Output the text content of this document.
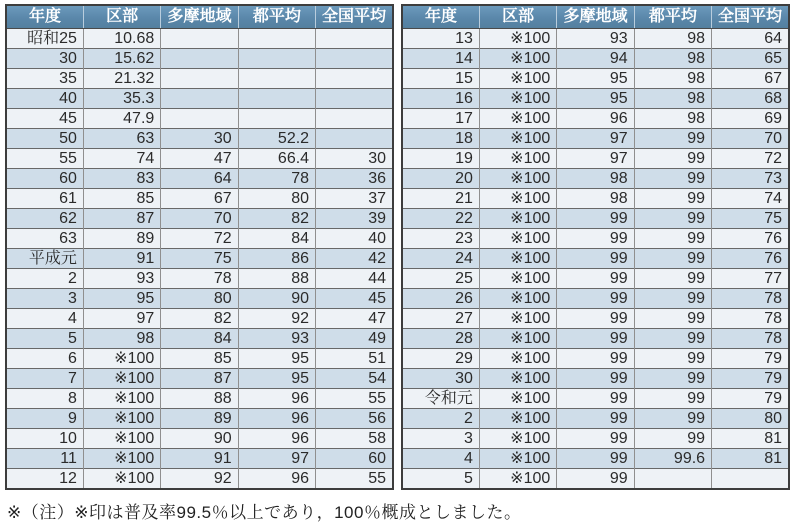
年度	区部	多摩地域	都平均	全国平均
昭和25	10.68			
30	15.62			
35	21.32			
40	35.3			
45	47.9			
50	63	30	52.2	
55	74	47	66.4	30
60	83	64	78	36
61	85	67	80	37
62	87	70	82	39
63	89	72	84	40
平成元	91	75	86	42
2	93	78	88	44
3	95	80	90	45
4	97	82	92	47
5	98	84	93	49
6	※100	85	95	51
7	※100	87	95	54
8	※100	88	96	55
9	※100	89	96	56
10	※100	90	96	58
11	※100	91	97	60
12	※100	92	96	55
年度	区部	多摩地域	都平均	全国平均
13	※100	93	98	64
14	※100	94	98	65
15	※100	95	98	67
16	※100	95	98	68
17	※100	96	98	69
18	※100	97	99	70
19	※100	97	99	72
20	※100	98	99	73
21	※100	98	99	74
22	※100	99	99	75
23	※100	99	99	76
24	※100	99	99	76
25	※100	99	99	77
26	※100	99	99	78
27	※100	99	99	78
28	※100	99	99	78
29	※100	99	99	79
30	※100	99	99	79
令和元	※100	99	99	79
2	※100	99	99	80
3	※100	99	99	81
4	※100	99	99.6	81
5	※100	99		
※（注）※印は普及率99.5％以上であり，100％概成としました。
